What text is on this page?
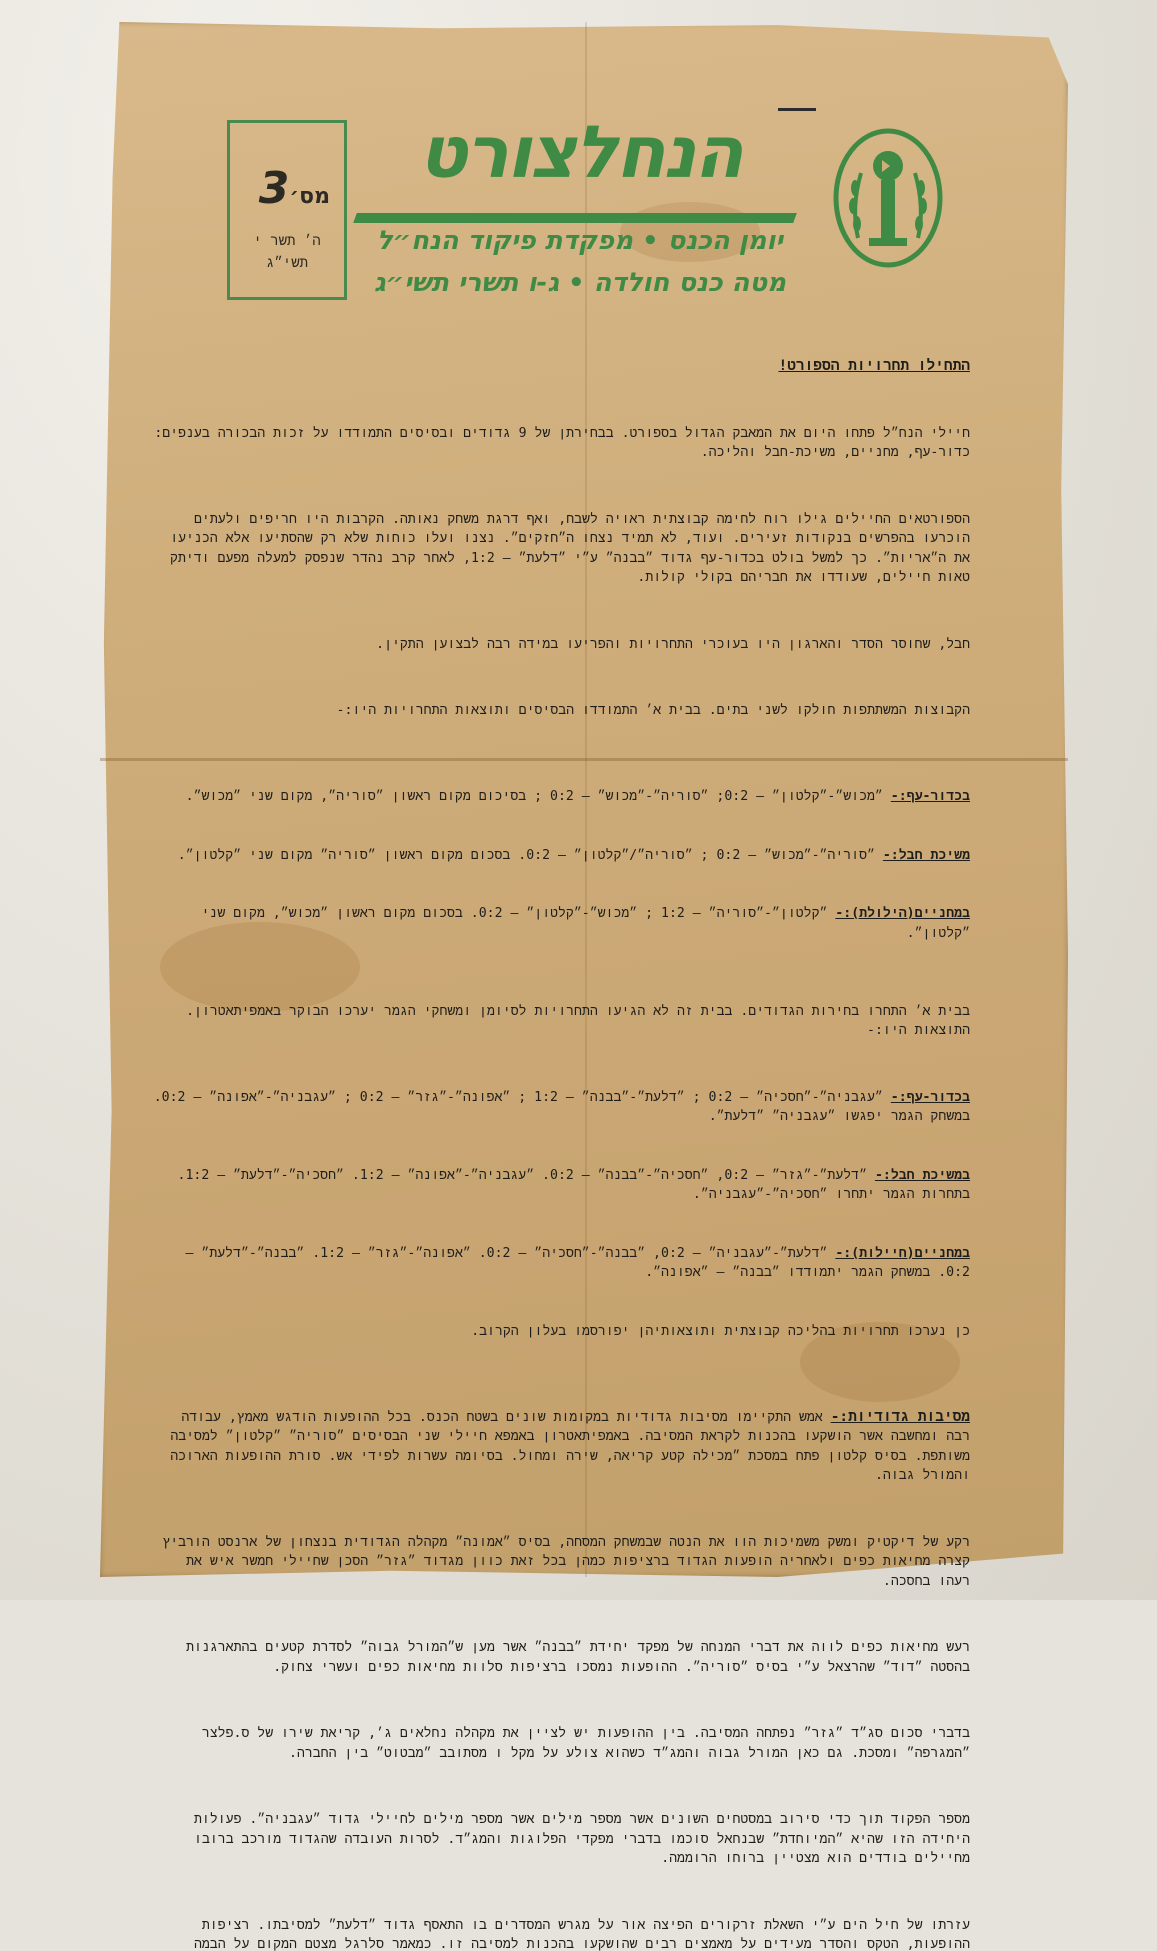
3מס׳
ה׳ תשר י
תשי״ג
הנחלצורט
יומן הכנס • מפקדת פיקוד הנח״ל
מטה כנס חולדה • ג-ו תשרי תשי״ג

התחילו תחרויות הספורט!

חיילי הנח״ל פתחו היום את המאבק הגדול בספורט. בבחירתן של 9 גדודים ובסיסים התמודדו על זכות הבכורה בענפים: כדור-עף, מחניים, משיכת-חבל והליכה.

הספורטאים החיילים גילו רוח לחימה קבוצתית ראויה לשבח, ואף דרגת משחק נאותה. הקרבות היו חריפים ולעתים הוכרעו בהפרשים בנקודות זעירים. ועוד, לא תמיד נצחו ה״חזקים״. נצנו ועלו כוחות שלא רק שהסתיעו אלא הכניעו את ה״אריות״. כך למשל בולט בכדור-עף גדוד ״בבנה״ ע״י ״דלעת״ – 1:2, לאחר קרב נהדר שנפסק למעלה מפעם ודיתק טאות חיילים, שעודדו את חבריהם בקולי קולות.

חבל, שחוסר הסדר והארגון היו בעוכרי התחרויות והפריעו במידה רבה לבצוען התקין.

הקבוצות המשתתפות חולקו לשני בתים. בבית א׳ התמודדו הבסיסים ותוצאות התחרויות היו:-

בכדור-עף:- ״מכוש״-״קלטון״ – 0:2; ״סוריה״-״מכוש״ – 0:2 ; בסיכום מקום ראשון ״סוריה״, מקום שני ״מכוש״.

משיכת חבל:- ״סוריה״-״מכוש״ – 0:2 ; ״סוריה״/״קלטון״ – 0:2. בסכום מקום ראשון ״סוריה״ מקום שני ״קלטון״.

במחניים(הילולת):- ״קלטון״-״סוריה״ – 1:2 ; ״מכוש״-״קלטון״ – 0:2. בסכום מקום ראשון ״מכוש״, מקום שני ״קלטון״.

בבית א׳ התחרו בחירות הגדודים. בבית זה לא הגיעו התחרויות לסיומן ומשחקי הגמר יערכו הבוקר באמפיתאטרון. התוצאות היו:-

בכדור-עף:- ״עגבניה״-״חסכיה״ – 0:2 ; ״דלעת״-״בבנה״ – 1:2 ; ״אפונה״-״גזר״ – 0:2 ; ״עגבניה״-״אפונה״ – 0:2. במשחק הגמר יפגשו ״עגבניה״ ״דלעת״.

במשיכת חבל:- ״דלעת״-״גזר״ – 0:2, ״חסכיה״-״בבנה״ – 0:2. ״עגבניה״-״אפונה״ – 1:2. ״חסכיה״-״דלעת״ – 1:2. בתחרות הגמר יתחרו ״חסכיה״-״עגבניה״.

במחניים(חיילות):- ״דלעת״-״עגבניה״ – 0:2, ״בבנה״-״חסכיה״ – 0:2. ״אפונה״-״גזר״ – 1:2. ״בבנה״-״דלעת״ – 0:2. במשחק הגמר יתמודדו ״בבנה״ – ״אפונה״.

כן נערכו תחרויות בהליכה קבוצתית ותוצאותיהן יפורסמו בעלון הקרוב.

מסיבות גדודיות:- אמש התקיימו מסיבות גדודיות במקומות שונים בשטח הכנס. בכל ההופעות הודגש מאמץ, עבודה רבה ומחשבה אשר הושקעו בהכנות לקראת המסיבה. באמפיתאטרון באמפא חיילי שני הבסיסים ״סוריה״ ״קלטון״ למסיבה משותפת. בסיס קלטון פתח במסכת ״מכילה קטע קריאה, שירה ומחול. בסיומה עשרות לפידי אש. סורת ההופעות הארוכה והמורל גבוה.

רקע של דיקטיק ומשק משמיכות הוו את הנטה שבמשחק המסחה, בסיס ״אמונה״ מקהלה הגדודית בנצחון של ארנסט הורביץ קצרה מחיאות כפים ולאחריה הופעות הגדוד ברציפות כמהן בכל זאת כוון מגדוד ״גזר״ הסכן שחיילי חמשר איש את רעהו בחסכה.

רעש מחיאות כפים לווה את דברי המנחה של מפקד יחידת ״בבנה״ אשר מען ש״המורל גבוה״ לסדרת קטעים בהתארגנות בהסטה ״דוד״ שהרצאל ע״י בסיס ״סוריה״. ההופעות נמסכו ברציפות סלוות מחיאות כפים ועשרי צחוק.

בדברי סכום סג״ד ״גזר״ נפתחה המסיבה. בין ההופעות יש לציין את מקהלה נחלאים ג׳, קריאת שירו של ס.פלצר ״המגרפה״ ומסכת. גם כאן המורל גבוה והמג״ד כשהוא צולע על מקל ו מסתובב ״מבטוט״ בין החברה.

מספר הפקוד תוך כדי סירוב במסטחים השונים אשר מספר מילים אשר מספר מילים לחיילי גדוד ״עגבניה״. פעולות היחידה הזו שהיא ״המיוחדת״ שבנחאל סוכמו בדברי מפקדי הפלוגות והמג״ד. לסרות העובדה שהגדוד מורכב ברובו מחיילים בודדים הוא מצטיין ברוחו הרוממה.

עזרתו של חיל הים ע״י השאלת זרקורים הפיצה אור על מגרש המסדרים בו התאסף גדוד ״דלעת״ למסיבתו. רציפות ההופעות, הטקס והסדר מעידים על מאמצים רבים שהושקעו בהכנות למסיבה זו. כמאמר סלרגל מצטם המקום על הבמה
